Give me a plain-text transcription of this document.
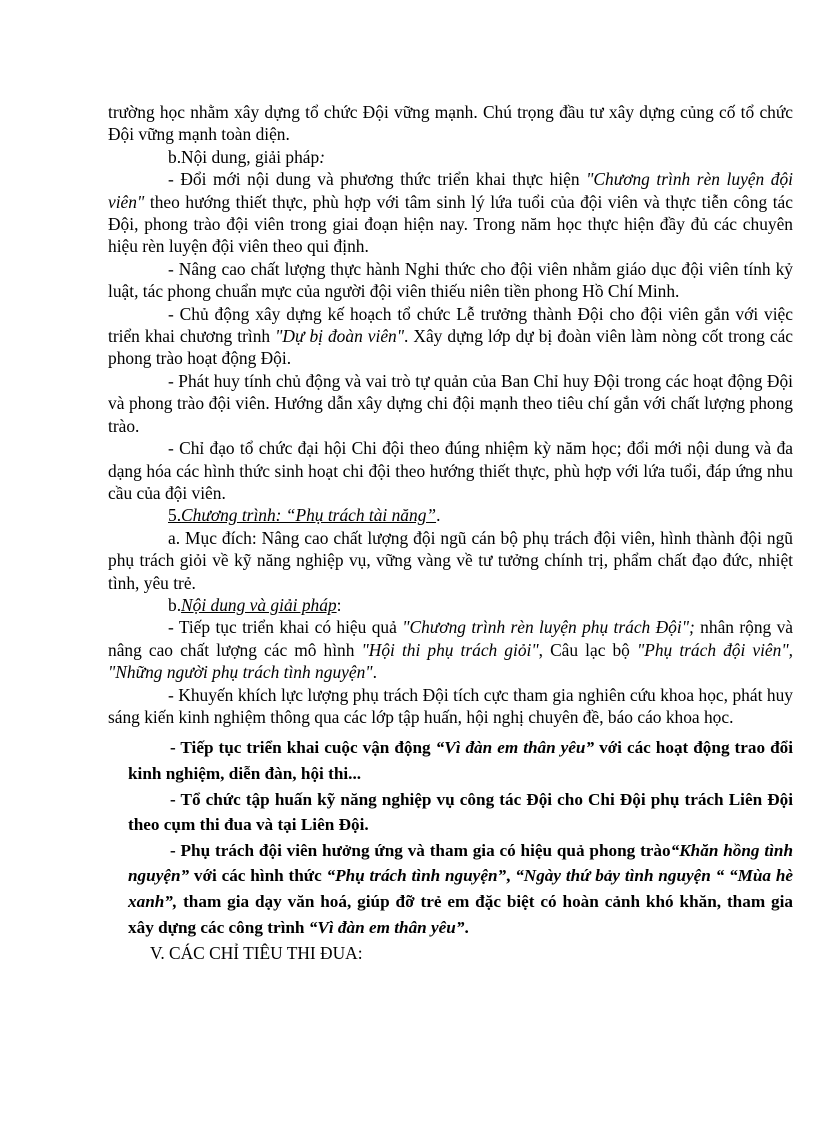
trường học nhằm xây dựng tổ chức Đội vững mạnh. Chú trọng đầu tư xây dựng củng cố tổ chức Đội vững mạnh toàn diện.

b.Nội dung, giải pháp:

- Đổi mới nội dung và phương thức triển khai thực hiện "Chương trình rèn luyện đội viên" theo hướng thiết thực, phù hợp với tâm sinh lý lứa tuổi của đội viên và thực tiễn công tác Đội, phong trào đội viên trong giai đoạn hiện nay. Trong năm học thực hiện đầy đủ các chuyên hiệu rèn luyện đội viên theo qui định.

- Nâng cao chất lượng thực hành Nghi thức cho đội viên nhằm giáo dục đội viên tính kỷ luật, tác phong chuẩn mực của người đội viên thiếu niên tiền phong Hồ Chí Minh.

- Chủ động xây dựng kế hoạch tổ chức Lễ trưởng thành Đội cho đội viên gắn với việc triển khai chương trình "Dự bị đoàn viên". Xây dựng lớp dự bị đoàn viên làm nòng cốt trong các phong trào hoạt động Đội.

- Phát huy tính chủ động và vai trò tự quản của Ban Chỉ huy Đội trong các hoạt động Đội và phong trào đội viên. Hướng dẫn xây dựng chi đội mạnh theo tiêu chí gắn với chất lượng phong trào.

- Chỉ đạo tổ chức đại hội Chi đội theo đúng nhiệm kỳ năm học; đổi mới nội dung và đa dạng hóa các hình thức sinh hoạt chi đội theo hướng thiết thực, phù hợp với lứa tuổi, đáp ứng nhu cầu của đội viên.

5.Chương trình: “Phụ trách tài năng”.

a. Mục đích: Nâng cao chất lượng đội ngũ cán bộ phụ trách đội viên, hình thành đội ngũ phụ trách giỏi về kỹ năng nghiệp vụ, vững vàng về tư tưởng chính trị, phẩm chất đạo đức, nhiệt tình, yêu trẻ.

b.Nội dung và giải pháp:

- Tiếp tục triển khai có hiệu quả "Chương trình rèn luyện phụ trách Đội"; nhân rộng và nâng cao chất lượng các mô hình "Hội thi phụ trách giỏi", Câu lạc bộ "Phụ trách đội viên", "Những người phụ trách tình nguyện".

- Khuyến khích lực lượng phụ trách Đội tích cực tham gia nghiên cứu khoa học, phát huy sáng kiến kinh nghiệm thông qua các lớp tập huấn, hội nghị chuyên đề, báo cáo khoa học.

- Tiếp tục triển khai cuộc vận động “Vì đàn em thân yêu” với các hoạt động trao đổi kinh nghiệm, diễn đàn, hội thi...

- Tổ chức tập huấn kỹ năng nghiệp vụ công tác Đội cho Chi Đội phụ trách Liên Đội theo cụm thi đua và tại Liên Đội.

- Phụ trách đội viên hưởng ứng và tham gia có hiệu quả phong trào“Khăn hồng tình nguyện” với các hình thức “Phụ trách tình nguyện”, “Ngày thứ bảy tình nguyện “ “Mùa hè xanh”, tham gia dạy văn hoá, giúp đỡ trẻ em đặc biệt có hoàn cảnh khó khăn, tham gia xây dựng các công trình “Vì đàn em thân yêu”.

V. CÁC CHỈ TIÊU THI ĐUA:
